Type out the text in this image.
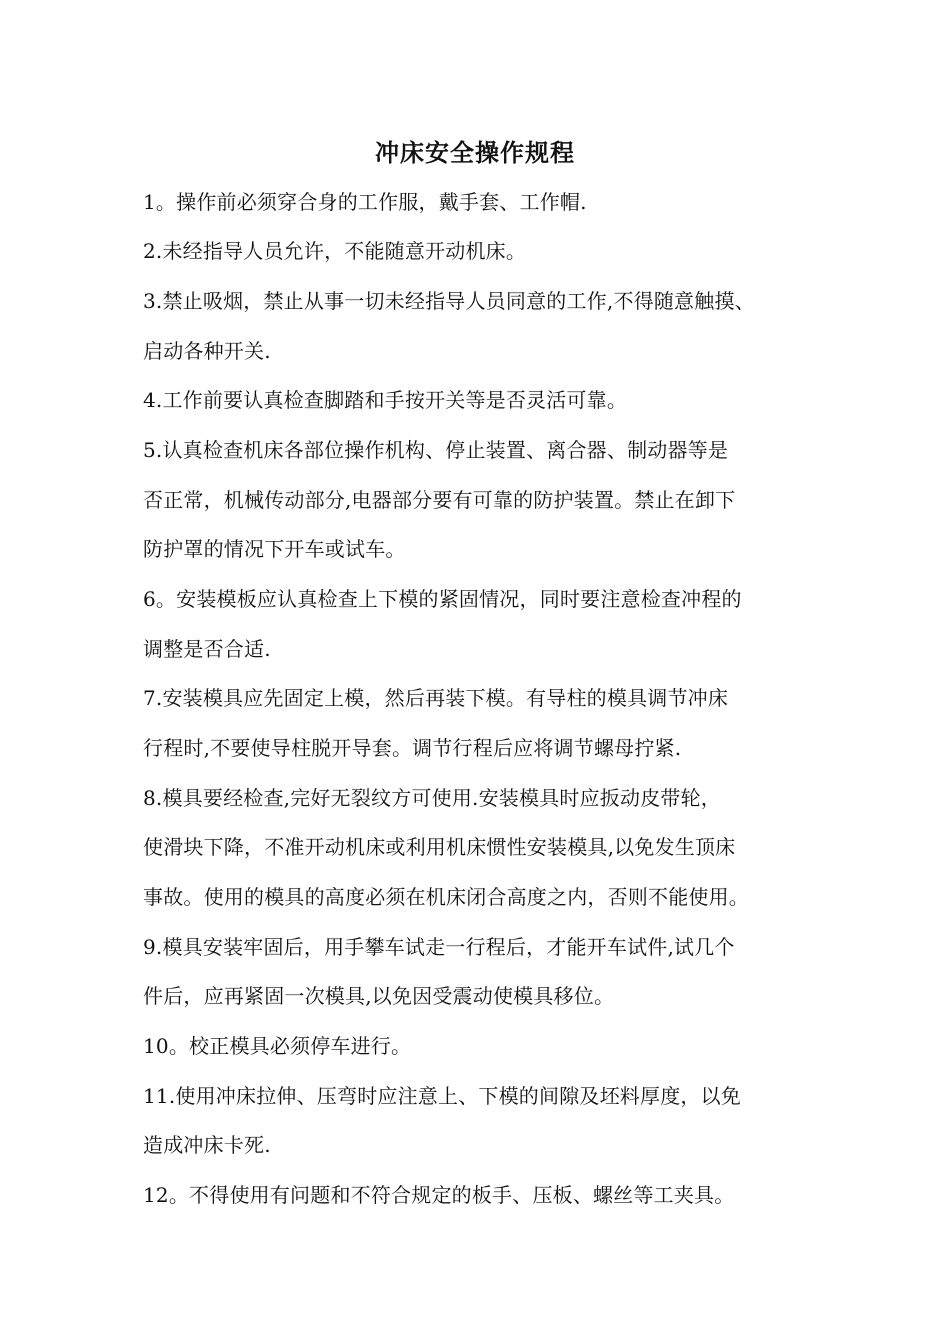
冲床安全操作规程
1。操作前必须穿合身的工作服，戴手套、工作帽.
2.未经指导人员允许，不能随意开动机床。
3.禁止吸烟，禁止从事一切未经指导人员同意的工作,不得随意触摸、
启动各种开关.
4.工作前要认真检查脚踏和手按开关等是否灵活可靠。
5.认真检查机床各部位操作机构、停止装置、离合器、制动器等是
否正常，机械传动部分,电器部分要有可靠的防护装置。禁止在卸下
防护罩的情况下开车或试车。
6。安装模板应认真检查上下模的紧固情况，同时要注意检查冲程的
调整是否合适.
7.安装模具应先固定上模，然后再装下模。有导柱的模具调节冲床
行程时,不要使导柱脱开导套。调节行程后应将调节螺母拧紧.
8.模具要经检查,完好无裂纹方可使用.安装模具时应扳动皮带轮，
使滑块下降，不准开动机床或利用机床惯性安装模具,以免发生顶床
事故。使用的模具的高度必须在机床闭合高度之内，否则不能使用。
9.模具安装牢固后，用手攀车试走一行程后，才能开车试件,试几个
件后，应再紧固一次模具,以免因受震动使模具移位。
10。校正模具必须停车进行。
11.使用冲床拉伸、压弯时应注意上、下模的间隙及坯料厚度，以免
造成冲床卡死.
12。不得使用有问题和不符合规定的板手、压板、螺丝等工夹具。
